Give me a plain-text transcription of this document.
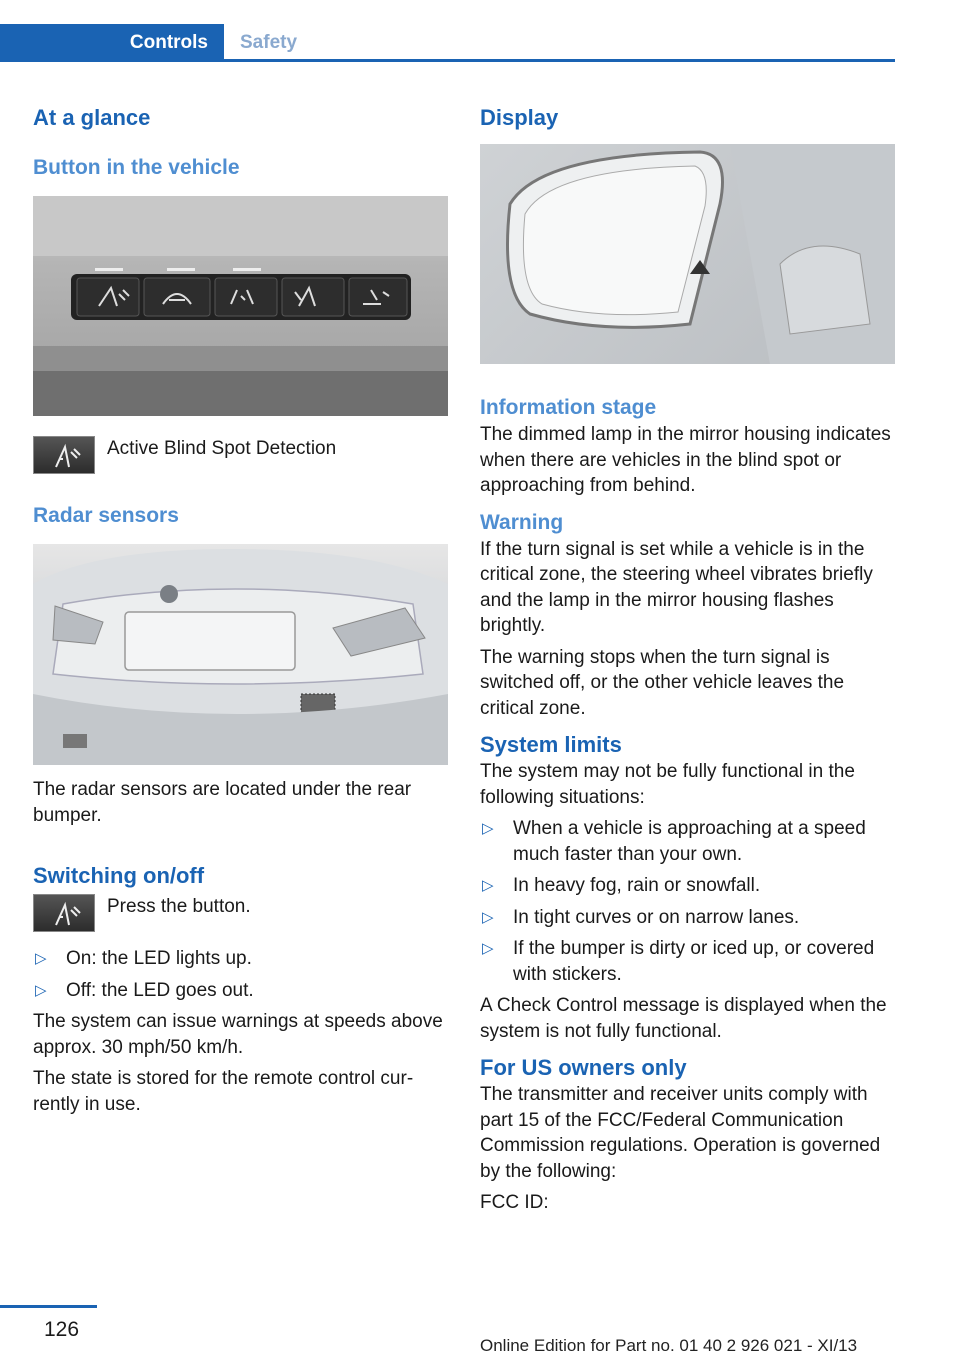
Controls	Safety
At a glance
Button in the vehicle
Active Blind Spot Detection
Radar sensors

The radar sensors are located under the rear bumper.

Switching on/off
Press the button.
▷ On: the LED lights up.
▷ Off: the LED goes out.

The system can issue warnings at speeds above approx. 30 mph/50 km/h.

The state is stored for the remote control currently in use.

Display
Information stage

The dimmed lamp in the mirror housing indicates when there are vehicles in the blind spot or approaching from behind.

Warning

If the turn signal is set while a vehicle is in the critical zone, the steering wheel vibrates briefly and the lamp in the mirror housing flashes brightly.

The warning stops when the turn signal is switched off, or the other vehicle leaves the critical zone.

System limits

The system may not be fully functional in the following situations:

▷ When a vehicle is approaching at a speed much faster than your own.
▷ In heavy fog, rain or snowfall.
▷ In tight curves or on narrow lanes.
▷ If the bumper is dirty or iced up, or covered with stickers.

A Check Control message is displayed when the system is not fully functional.

For US owners only

The transmitter and receiver units comply with part 15 of the FCC/Federal Communication Commission regulations. Operation is governed by the following:

FCC ID:

126
Online Edition for Part no. 01 40 2 926 021 - XI/13
